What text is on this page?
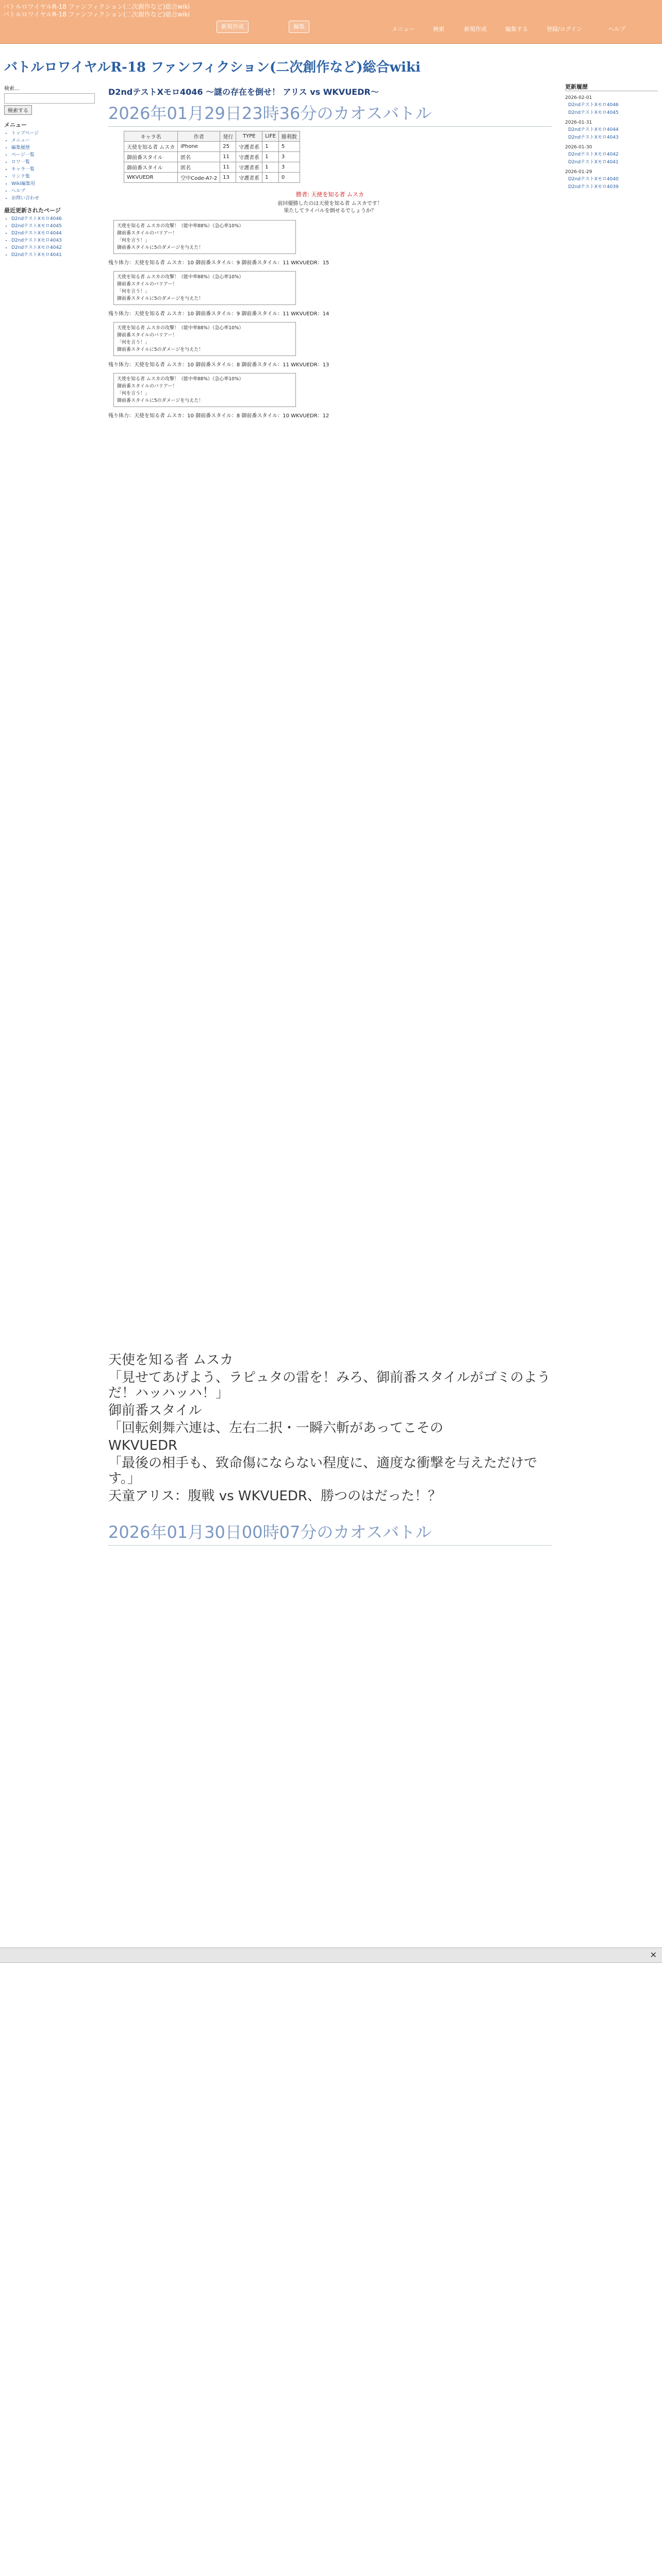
バトルロワイヤルR-18 ファンフィクション(二次創作など)総合wiki
バトルロワイヤルR-18 ファンフィクション(二次創作など)総合wiki
新規作成	編集	メニュー	検索	新規作成	編集する	登録/ログイン	ヘルプ
バトルロワイヤルR-18 ファンフィクション(二次創作など)総合wiki
検索...
検索する
メニュー
• トップページ
• メニュー
• 編集履歴
• ページ一覧
• ロワ一覧
• キャラ一覧
• リンク集
• Wiki編集用
• ヘルプ
• お問い合わせ
最近更新されたページ
• D2ndテストXモロ4046
• D2ndテストXモロ4045
• D2ndテストXモロ4044
• D2ndテストXモロ4043
• D2ndテストXモロ4042
• D2ndテストXモロ4041
D2ndテストXモロ4046 〜謎の存在を倒せ！ アリス vs WKVUEDR〜
2026年01月29日23時36分のカオスバトル
キャラ名	作者	発行	TYPE	LIFE	勝利数
天使を知る者 ムスカ	iPhone	25	守護者系	1	5
御前番スタイル	匿名	11	守護者系	1	3
御前番スタイル	匿名	11	守護者系	1	3
WKVUEDR	空中Code-A?-2	13	守護者系	1	0
勝者: 天使を知る者 ムスカ
前回優勝したのは天使を知る者 ムスカです！
果たしてライバルを倒せるでしょうか？
天使を知る者 ムスカの攻撃！（能中率88%）（急心率10%）
御前番スタイルのバリアー！
「何を言う！」
御前番スタイルに5のダメージを与えた！
残り体力：天使を知る者 ムスカ：10 御前番スタイル：9 御前番スタイル：11 WKVUEDR：15
天使を知る者 ムスカの攻撃！（能中率88%）（急心率10%）
御前番スタイルのバリアー！
「何を言う！」
御前番スタイルに5のダメージを与えた！
残り体力：天使を知る者 ムスカ：10 御前番スタイル：9 御前番スタイル：11 WKVUEDR：14
天使を知る者 ムスカの攻撃！（能中率88%）（急心率10%）
御前番スタイルのバリアー！
「何を言う！」
御前番スタイルに5のダメージを与えた！
残り体力：天使を知る者 ムスカ：10 御前番スタイル：8 御前番スタイル：11 WKVUEDR：13
天使を知る者 ムスカの攻撃！（能中率88%）（急心率10%）
御前番スタイルのバリアー！
「何を言う！」
御前番スタイルに5のダメージを与えた！
残り体力：天使を知る者 ムスカ：10 御前番スタイル：8 御前番スタイル：10 WKVUEDR：12
天使を知る者 ムスカ
「見せてあげよう、ラピュタの雷を！みろ、御前番スタイルがゴミのようだ！ハッハッハ！」
御前番スタイル
「回転剣舞六連は、左右二択・一瞬六斬があってこその
WKVUEDR
「最後の相手も、致命傷にならない程度に、適度な衝撃を与えただけです。」
天童アリス：腹戦 vs WKVUEDR、勝つのはだった！？
2026年01月30日00時07分のカオスバトル
更新履歴
2026-02-01
D2ndテストXモロ4046
D2ndテストXモロ4045
2026-01-31
D2ndテストXモロ4044
D2ndテストXモロ4043
2026-01-30
D2ndテストXモロ4042
D2ndテストXモロ4041
2026-01-29
D2ndテストXモロ4040
D2ndテストXモロ4039
✕
